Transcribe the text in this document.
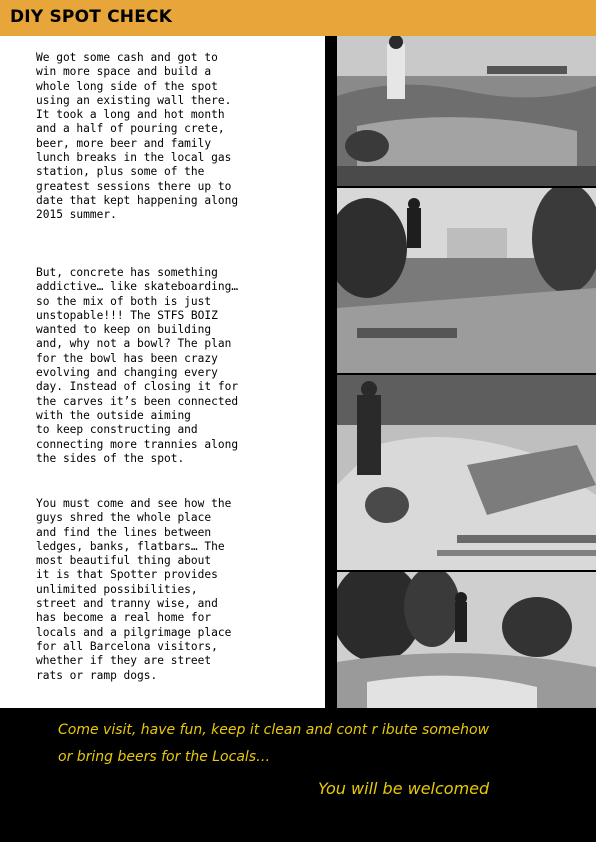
DIY SPOT CHECK

We got some cash and got to
win more space and build a
whole long side of the spot
using an existing wall there.
It took a long and hot month
and a half of pouring crete,
beer, more beer and family
lunch breaks in the local gas
station, plus some of the
greatest sessions there up to
date that kept happening along
2015 summer.

But, concrete has something
addictive… like skateboarding…
so the mix of both is just
unstopable!!! The STFS BOIZ
wanted to keep on building
and, why not a bowl? The plan
for the bowl has been crazy
evolving and changing every
day. Instead of closing it for
the carves it’s been connected
with the outside aiming
to keep constructing and
connecting more trannies along
the sides of the spot.

You must come and see how the
guys shred the whole place
and find the lines between
ledges, banks, flatbars… The
most beautiful thing about
it is that Spotter provides
unlimited possibilities,
street and tranny wise, and
has become a real home for
locals and a pilgrimage place
for all Barcelona visitors,
whether if they are street
rats or ramp dogs.

Come visit, have fun, keep it clean and cont r ibute somehow

or bring beers for the Locals…

You will be welcomed
